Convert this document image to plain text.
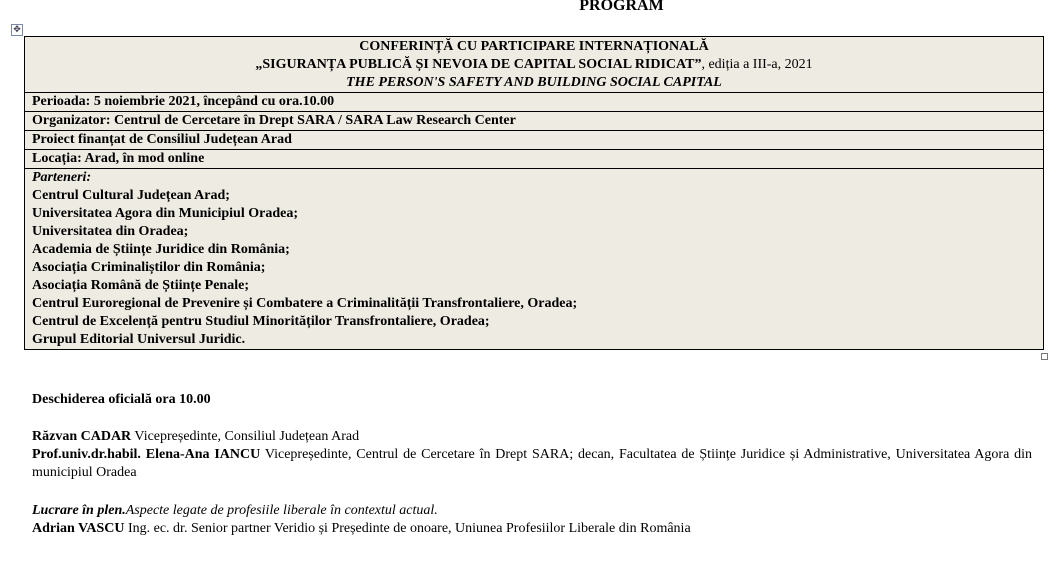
PROGRAM
✥
CONFERINȚĂ CU PARTICIPARE INTERNAȚIONALĂ
„SIGURANȚA PUBLICĂ ȘI NEVOIA DE CAPITAL SOCIAL RIDICAT”, ediția a III-a, 2021
THE PERSON'S SAFETY AND BUILDING SOCIAL CAPITAL

Perioada: 5 noiembrie 2021, începând cu ora.10.00
Organizator: Centrul de Cercetare în Drept SARA / SARA Law Research Center
Proiect finanțat de Consiliul Județean Arad
Locația: Arad, în mod online

Parteneri:
Centrul Cultural Județean Arad;
Universitatea Agora din Municipiul Oradea;
Universitatea din Oradea;
Academia de Științe Juridice din România;
Asociația Criminaliștilor din România;
Asociația Română de Științe Penale;
Centrul Euroregional de Prevenire și Combatere a Criminalității Transfrontaliere, Oradea;
Centrul de Excelență pentru Studiul Minorităților Transfrontaliere, Oradea;
Grupul Editorial Universul Juridic.

Deschiderea oficială ora 10.00

Răzvan CADAR Vicepreședinte, Consiliul Județean Arad

Prof.univ.dr.habil. Elena-Ana IANCU Vicepreședinte, Centrul de Cercetare în Drept SARA; decan, Facultatea de Științe Juridice și Administrative, Universitatea Agora din municipiul Oradea

Lucrare în plen.Aspecte legate de profesiile liberale în contextul actual.

Adrian VASCU Ing. ec. dr. Senior partner Veridio și Președinte de onoare, Uniunea Profesiilor Liberale din România
